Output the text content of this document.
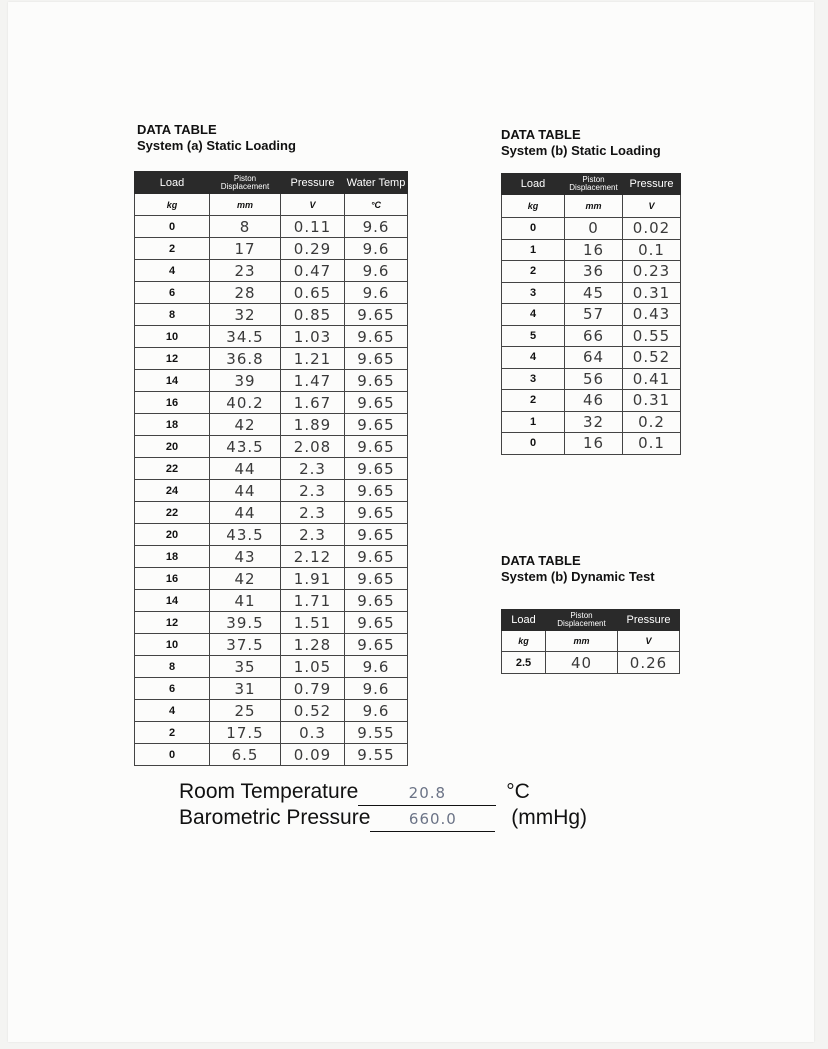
DATA TABLE
System (a) Static Loading
DATA TABLE
System (b) Static Loading
DATA TABLE
System (b) Dynamic Test
Load	Piston Displacement	Pressure	Water Temp
kg	mm	V	°C
0	8	0.11	9.6
2	17	0.29	9.6
4	23	0.47	9.6
6	28	0.65	9.6
8	32	0.85	9.65
10	34.5	1.03	9.65
12	36.8	1.21	9.65
14	39	1.47	9.65
16	40.2	1.67	9.65
18	42	1.89	9.65
20	43.5	2.08	9.65
22	44	2.3	9.65
24	44	2.3	9.65
22	44	2.3	9.65
20	43.5	2.3	9.65
18	43	2.12	9.65
16	42	1.91	9.65
14	41	1.71	9.65
12	39.5	1.51	9.65
10	37.5	1.28	9.65
8	35	1.05	9.6
6	31	0.79	9.6
4	25	0.52	9.6
2	17.5	0.3	9.55
0	6.5	0.09	9.55
Load	Piston Displacement	Pressure
kg	mm	V
0	0	0.02
1	16	0.1
2	36	0.23
3	45	0.31
4	57	0.43
5	66	0.55
4	64	0.52
3	56	0.41
2	46	0.31
1	32	0.2
0	16	0.1
Load	Piston Displacement	Pressure
kg	mm	V
2.5	40	0.26
Room Temperature	20.8	°C
Barometric Pressure	660.0	(mmHg)
